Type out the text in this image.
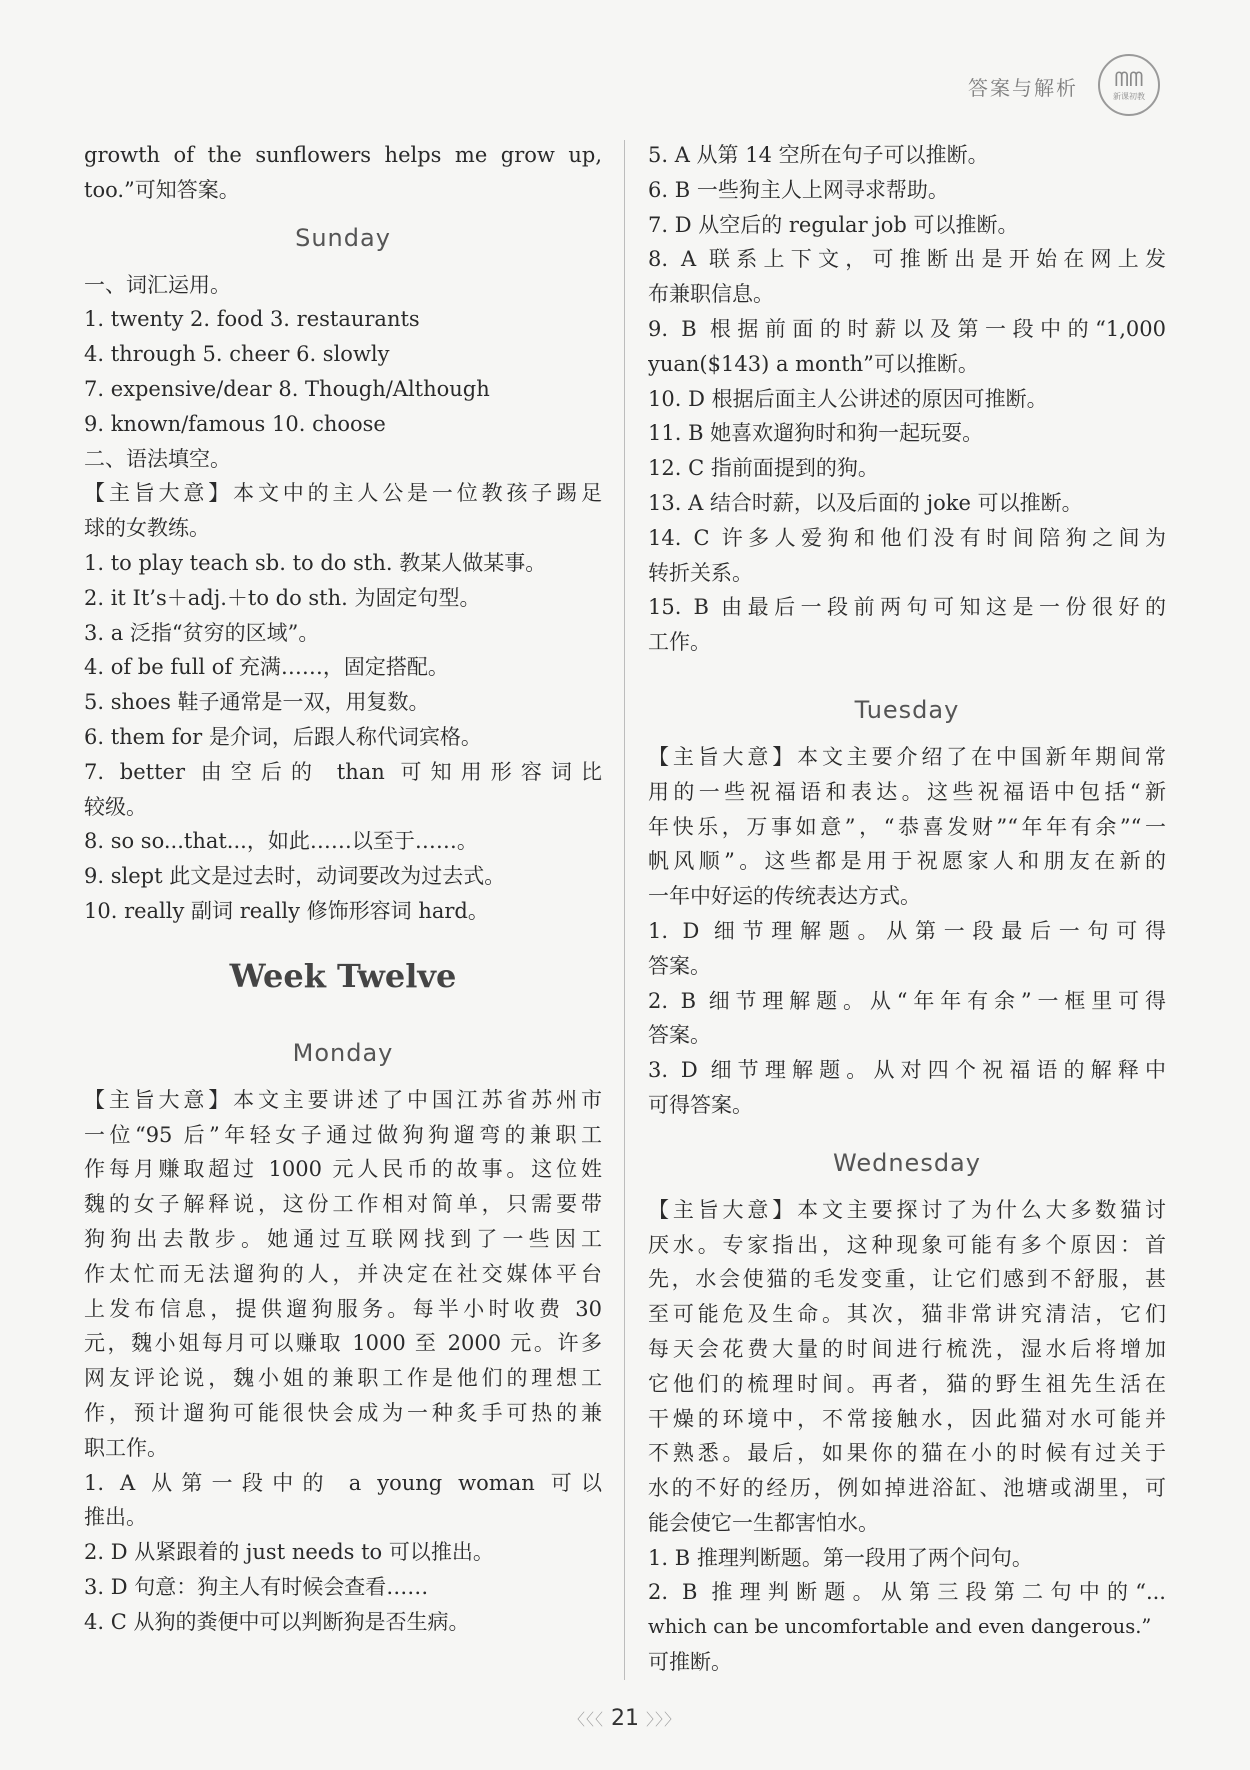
答案与解析 ᗰᗰ
新课初教
growth of the sunflowers helps me grow up,
too.”可知答案。
Sunday
一、词汇运用。
1. twenty 2. food 3. restaurants
4. through 5. cheer 6. slowly
7. expensive/dear 8. Though/Although
9. known/famous 10. choose
二、语法填空。
【主旨大意】本文中的主人公是一位教孩子踢足
球的女教练。
1. to play teach sb. to do sth. 教某人做某事。
2. it It’s＋adj.＋to do sth. 为固定句型。
3. a 泛指“贫穷的区域”。
4. of be full of 充满……，固定搭配。
5. shoes 鞋子通常是一双，用复数。
6. them for 是介词，后跟人称代词宾格。
7. better 由空后的 than 可知用形容词比
较级。
8. so so...that...，如此……以至于……。
9. slept 此文是过去时，动词要改为过去式。
10. really 副词 really 修饰形容词 hard。
Week Twelve
Monday
【主旨大意】本文主要讲述了中国江苏省苏州市
一位“95 后”年轻女子通过做狗狗遛弯的兼职工
作每月赚取超过 1000 元人民币的故事。这位姓
魏的女子解释说，这份工作相对简单，只需要带
狗狗出去散步。她通过互联网找到了一些因工
作太忙而无法遛狗的人，并决定在社交媒体平台
上发布信息，提供遛狗服务。每半小时收费 30
元，魏小姐每月可以赚取 1000 至 2000 元。许多
网友评论说，魏小姐的兼职工作是他们的理想工
作，预计遛狗可能很快会成为一种炙手可热的兼
职工作。
1. A 从第一段中的 a young woman 可以
推出。
2. D 从紧跟着的 just needs to 可以推出。
3. D 句意：狗主人有时候会查看……
4. C 从狗的粪便中可以判断狗是否生病。
5. A 从第 14 空所在句子可以推断。
6. B 一些狗主人上网寻求帮助。
7. D 从空后的 regular job 可以推断。
8. A 联系上下文，可推断出是开始在网上发
布兼职信息。
9. B 根据前面的时薪以及第一段中的“1,000
yuan($143) a month”可以推断。
10. D 根据后面主人公讲述的原因可推断。
11. B 她喜欢遛狗时和狗一起玩耍。
12. C 指前面提到的狗。
13. A 结合时薪，以及后面的 joke 可以推断。
14. C 许多人爱狗和他们没有时间陪狗之间为
转折关系。
15. B 由最后一段前两句可知这是一份很好的
工作。
Tuesday
【主旨大意】本文主要介绍了在中国新年期间常
用的一些祝福语和表达。这些祝福语中包括“新
年快乐，万事如意”，“恭喜发财”“年年有余”“一
帆风顺”。这些都是用于祝愿家人和朋友在新的
一年中好运的传统表达方式。
1. D 细节理解题。从第一段最后一句可得
答案。
2. B 细节理解题。从“年年有余”一框里可得
答案。
3. D 细节理解题。从对四个祝福语的解释中
可得答案。
Wednesday
【主旨大意】本文主要探讨了为什么大多数猫讨
厌水。专家指出，这种现象可能有多个原因：首
先，水会使猫的毛发变重，让它们感到不舒服，甚
至可能危及生命。其次，猫非常讲究清洁，它们
每天会花费大量的时间进行梳洗，湿水后将增加
它他们的梳理时间。再者，猫的野生祖先生活在
干燥的环境中，不常接触水，因此猫对水可能并
不熟悉。最后，如果你的猫在小的时候有过关于
水的不好的经历，例如掉进浴缸、池塘或湖里，可
能会使它一生都害怕水。
1. B 推理判断题。第一段用了两个问句。
2. B 推理判断题。从第三段第二句中的“...
which can be uncomfortable and even dangerous.”
可推断。
〈〈〈 21 〉〉〉
